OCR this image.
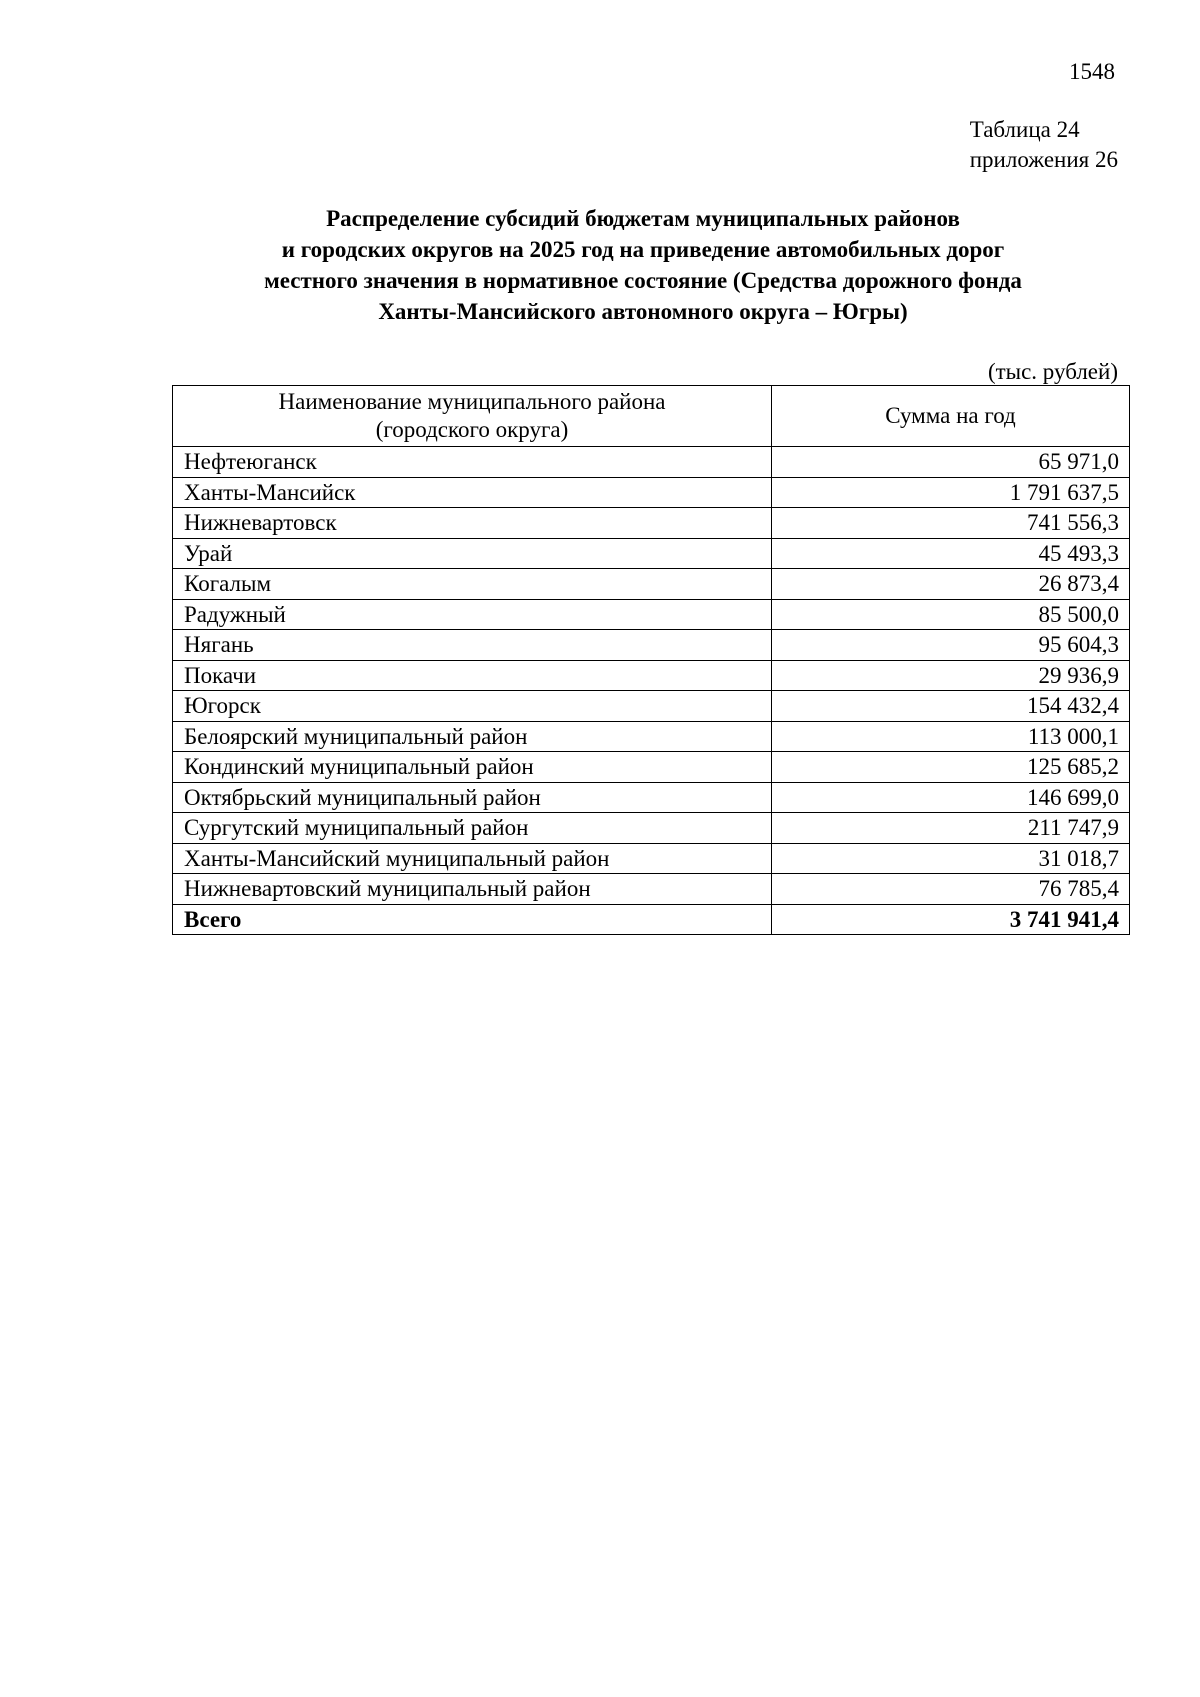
1548
Таблица 24
приложения 26
Распределение субсидий бюджетам муниципальных районов
и городских округов на 2025 год на приведение автомобильных дорог
местного значения в нормативное состояние (Средства дорожного фонда
Ханты-Мансийского автономного округа – Югры)
(тыс. рублей)
Наименование муниципального района
(городского округа)	Сумма на год
Нефтеюганск	65 971,0
Ханты-Мансийск	1 791 637,5
Нижневартовск	741 556,3
Урай	45 493,3
Когалым	26 873,4
Радужный	85 500,0
Нягань	95 604,3
Покачи	29 936,9
Югорск	154 432,4
Белоярский муниципальный район	113 000,1
Кондинский муниципальный район	125 685,2
Октябрьский муниципальный район	146 699,0
Сургутский муниципальный район	211 747,9
Ханты-Мансийский муниципальный район	31 018,7
Нижневартовский муниципальный район	76 785,4
Всего	3 741 941,4
